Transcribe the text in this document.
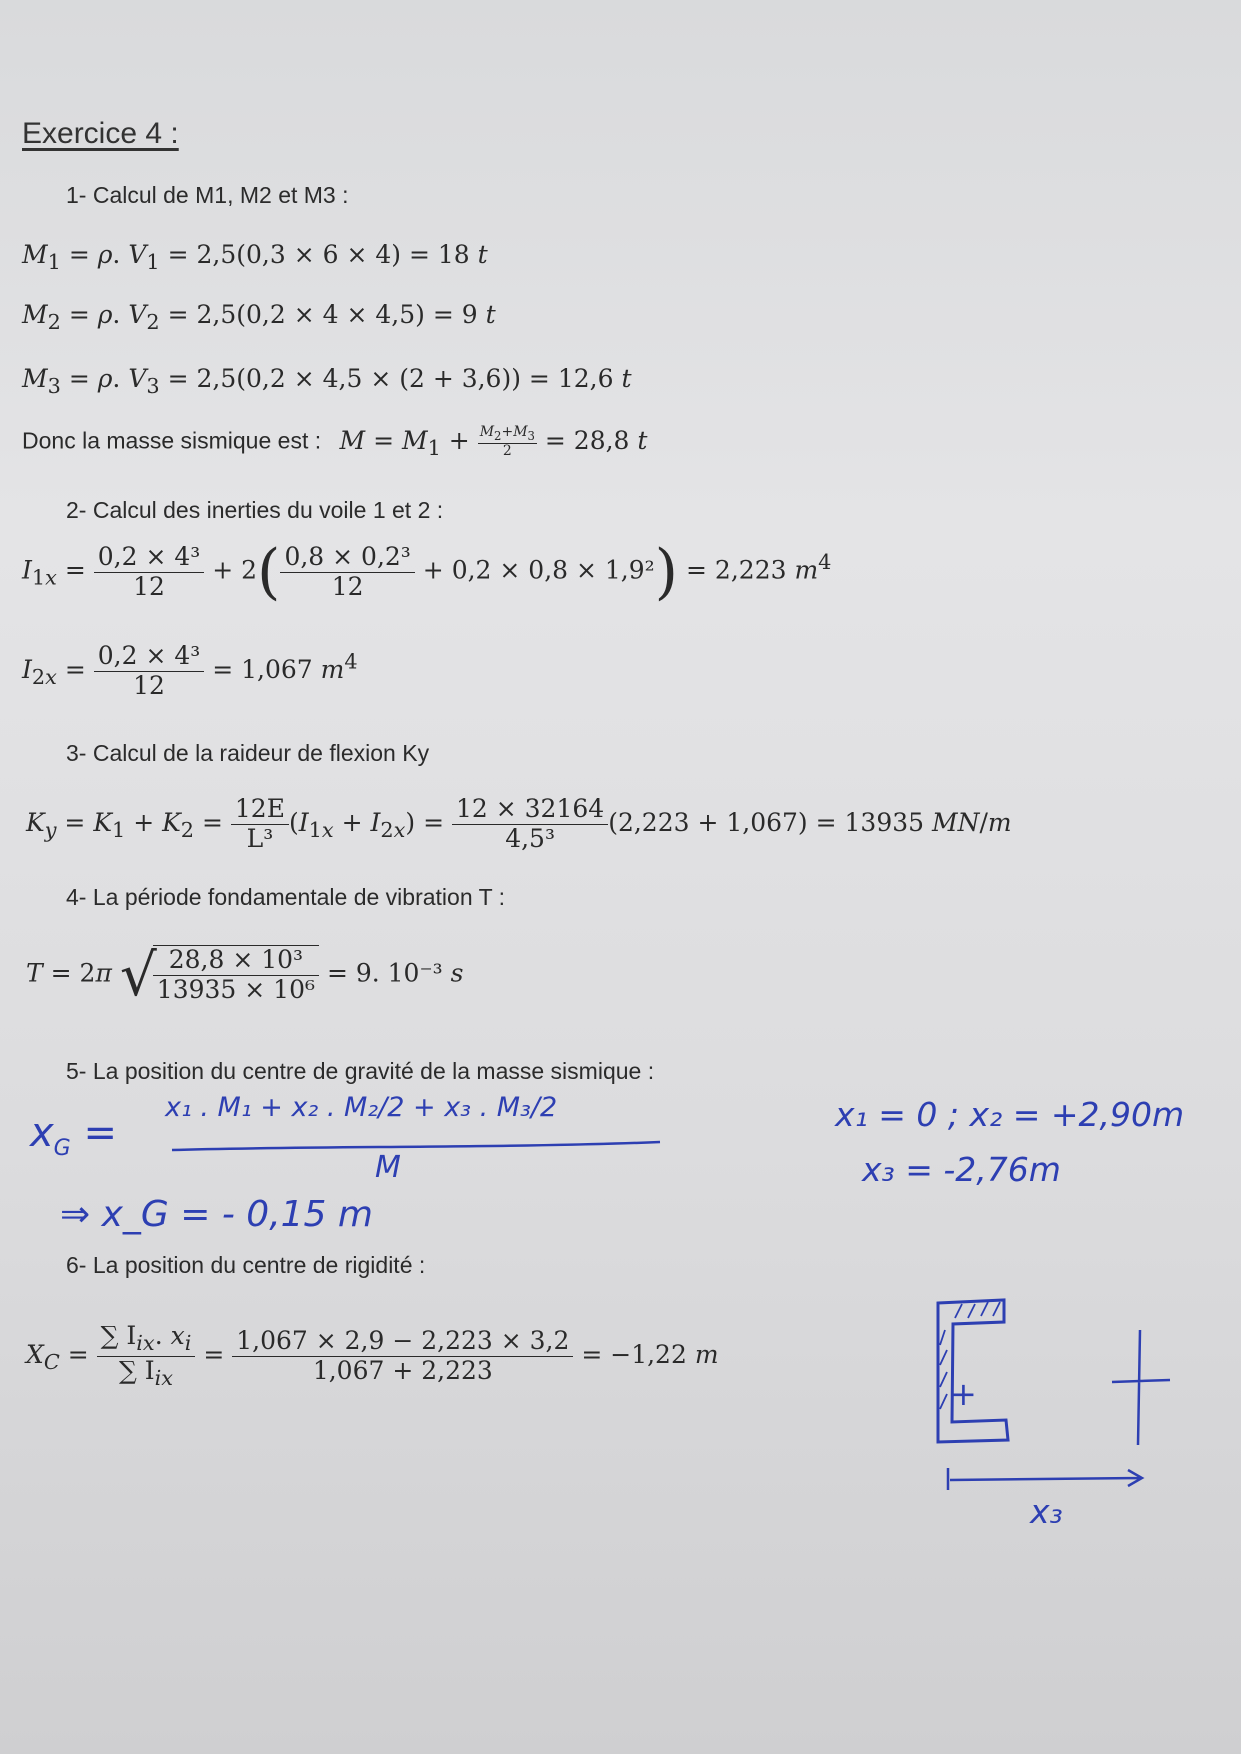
Exercice 4 :
1- Calcul de M1, M2 et M3 :
$M_1 = \rho$. $V_1 = 2,5(0,3 \times 6 \times 4) = 18$ t
$M_2 = \rho$. $V_2 = 2,5(0,2 \times 4 \times 4,5) = 9$ t
$M_3 = \rho$. $V_3 = 2,5(0,2 \times 4,5 \times (2 + 3,6)) = 12,6$ t
Donc la masse sismique est : $M = M_1 + \frac{M_2+M_3}{2} = 28,8$ t
2- Calcul des inerties du voile 1 et 2 :
$I_{1x} = \frac{\text{0,2 × 4³}}{12} + 2( \frac{\text{0,8 × 0,2³}}{12} + 0,2 \times 0,8 \times 1,9^2) = 2,223$ $m^4$
$I_{2x} = \frac{\text{0,2 × 4³}}{12} = 1,067$ $m^4$
3- Calcul de la raideur de flexion Ky
$K_y = K_1 + K_2 = \frac{12E}{\text{L³}} (I_{1x} + I_{2x}) = \frac{12 \times 32164}{\text{4,5³}} (2,223 + 1,067) = 13935$ MN/m
4- La période fondamentale de vibration T :
T = 2π √
$\frac{\text{28,8 × 10³}}{\text{13935 × 10⁶}} = 9$. 10⁻³ s
5- La position du centre de gravité de la masse sismique :
$x_G$ =
x₁ . M₁ + x₂ . M₂/2 + x₃ . M₃/2
M
⇒ x_G = - 0,15 m
x₁ = 0 ; x₂ = +2,90m
x₃ = -2,76m
6- La position du centre de rigidité :
$X_C = \frac{\sum I_{ix}. x_i}{\sum I_{ix}} = \frac{1,067 \times 2,9 - 2,223 \times 3,2}{1,067 + 2,223} = -1,22$ m
+
x₃
